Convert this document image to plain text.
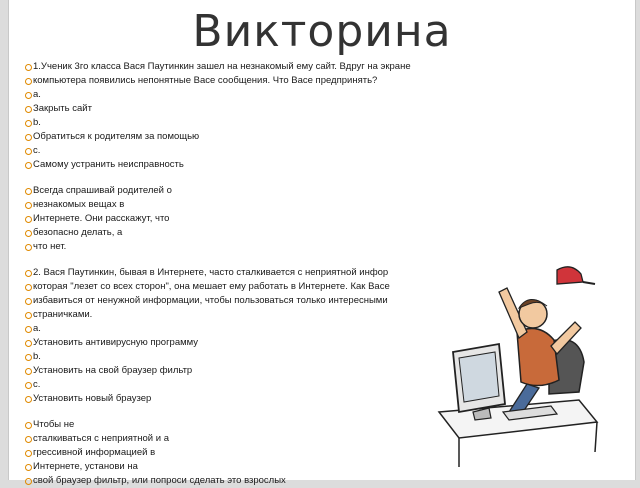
Викторина
1.Ученик 3го класса Вася Паутинкин зашел на незнакомый ему сайт. Вдруг на экране
компьютера появились непонятные Васе сообщения. Что Васе предпринять?
a.
Закрыть сайт
b.
Обратиться к родителям за помощью
c.
Самому устранить неисправность
Всегда спрашивай родителей о
незнакомых вещах в
Интернете. Они расскажут, что
безопасно делать, а
что нет.
2. Вася Паутинкин, бывая в Интернете, часто сталкивается с неприятной инфор
которая "лезет со всех сторон", она мешает ему работать в Интернете. Как Васе
избавиться от ненужной информации, чтобы пользоваться только интересными
страничками.
a.
Установить антивирусную программу
b.
Установить на свой браузер фильтр
c.
Установить новый браузер
Чтобы не
сталкиваться с неприятной и а
грессивной информацией в
Интернете, установи на
свой браузер фильтр, или попроси сделать это взрослых
